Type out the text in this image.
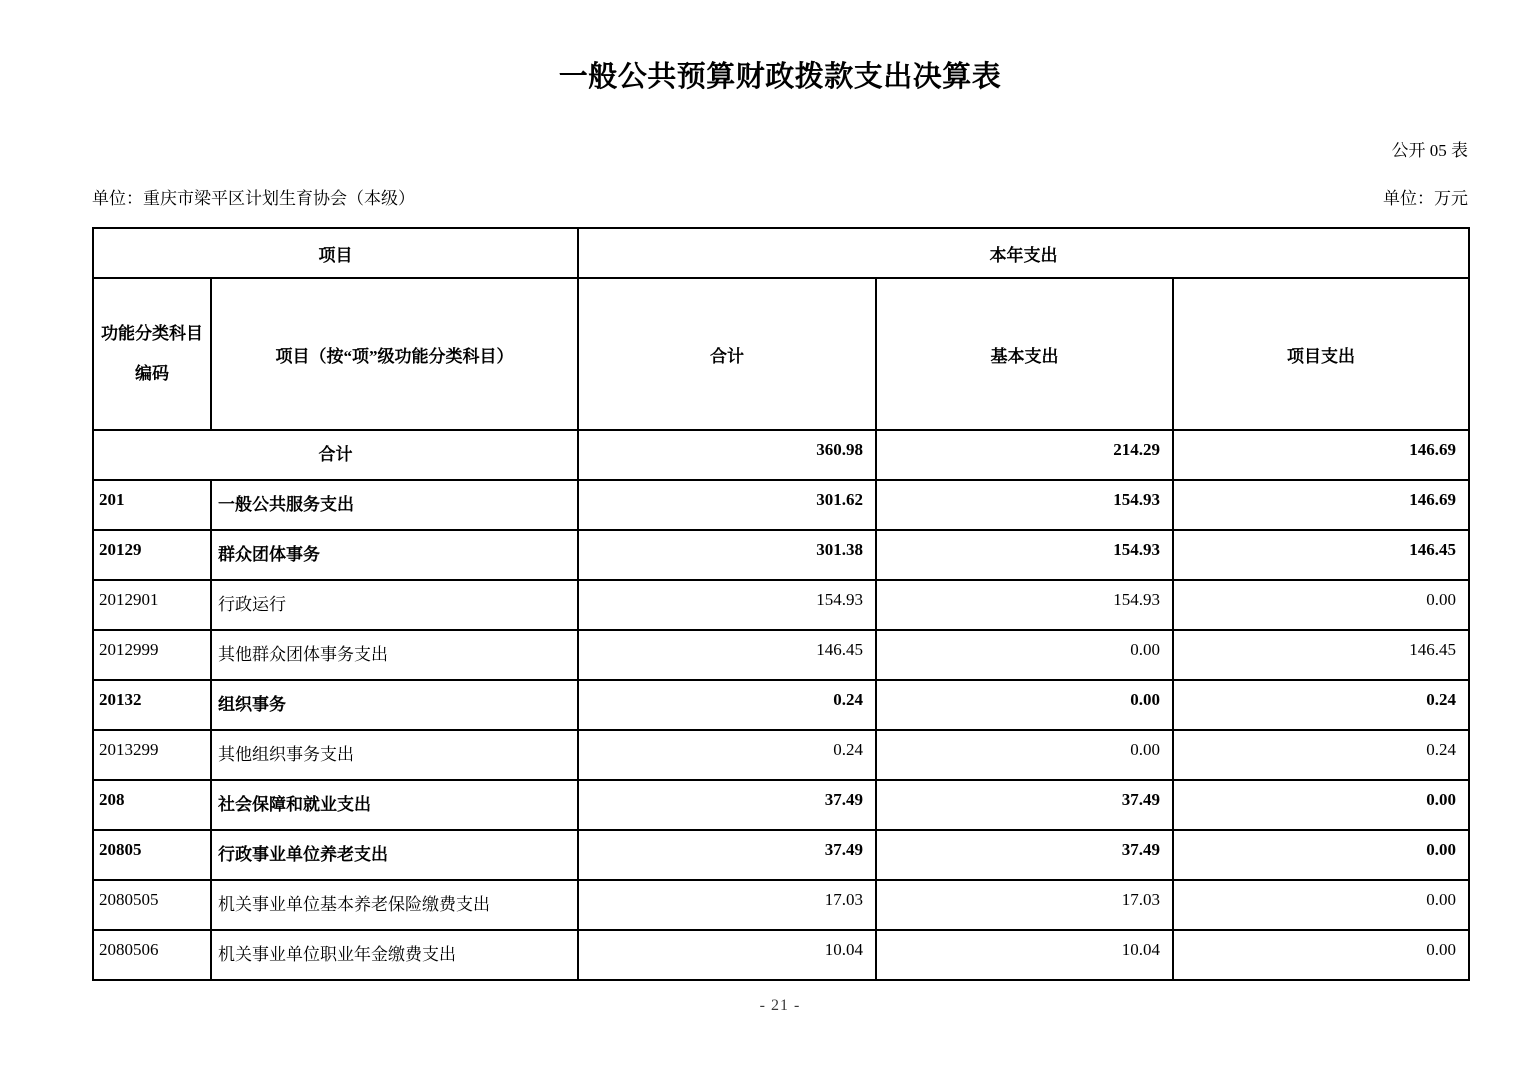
一般公共预算财政拨款支出决算表
公开 05 表
单位：重庆市梁平区计划生育协会（本级）	单位：万元
项目		本年支出		

功能分类科目
编码	项目（按“项”级功能分类科目）	合计	基本支出	项目支出
合计		360.98	214.29	146.69
201	一般公共服务支出	301.62	154.93	146.69
20129	群众团体事务	301.38	154.93	146.45
2012901	行政运行	154.93	154.93	0.00
2012999	其他群众团体事务支出	146.45	0.00	146.45
20132	组织事务	0.24	0.00	0.24
2013299	其他组织事务支出	0.24	0.00	0.24
208	社会保障和就业支出	37.49	37.49	0.00
20805	行政事业单位养老支出	37.49	37.49	0.00
2080505	机关事业单位基本养老保险缴费支出	17.03	17.03	0.00
2080506	机关事业单位职业年金缴费支出	10.04	10.04	0.00
- 21 -
